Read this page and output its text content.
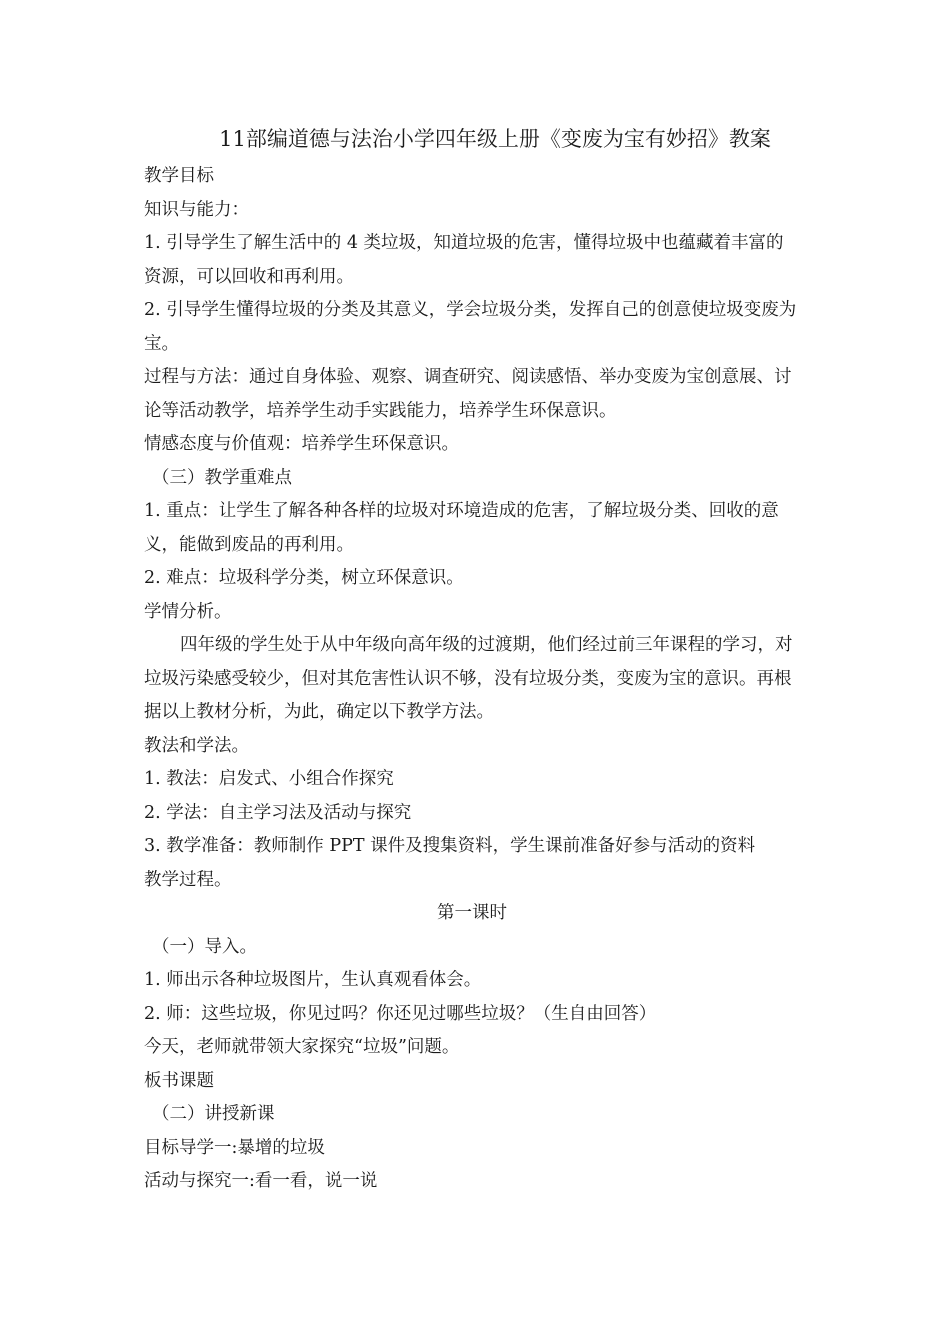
11部编道德与法治小学四年级上册《变废为宝有妙招》教案

教学目标

知识与能力：

1. 引导学生了解生活中的 4 类垃圾，知道垃圾的危害，懂得垃圾中也蕴藏着丰富的资源，可以回收和再利用。

2. 引导学生懂得垃圾的分类及其意义，学会垃圾分类，发挥自己的创意使垃圾变废为宝。

过程与方法：通过自身体验、观察、调查研究、阅读感悟、举办变废为宝创意展、讨论等活动教学，培养学生动手实践能力，培养学生环保意识。

情感态度与价值观：培养学生环保意识。

（三）教学重难点

1. 重点：让学生了解各种各样的垃圾对环境造成的危害，了解垃圾分类、回收的意义，能做到废品的再利用。

2. 难点：垃圾科学分类，树立环保意识。

学情分析。

四年级的学生处于从中年级向高年级的过渡期，他们经过前三年课程的学习，对垃圾污染感受较少，但对其危害性认识不够，没有垃圾分类，变废为宝的意识。再根据以上教材分析，为此，确定以下教学方法。

教法和学法。

1. 教法：启发式、小组合作探究

2. 学法：自主学习法及活动与探究

3. 教学准备：教师制作 PPT 课件及搜集资料，学生课前准备好参与活动的资料

教学过程。

第一课时

（一）导入。

1. 师出示各种垃圾图片，生认真观看体会。

2. 师：这些垃圾，你见过吗？你还见过哪些垃圾？（生自由回答）

今天，老师就带领大家探究“垃圾”问题。

板书课题

（二）讲授新课

目标导学一:暴增的垃圾

活动与探究一:看一看，说一说
